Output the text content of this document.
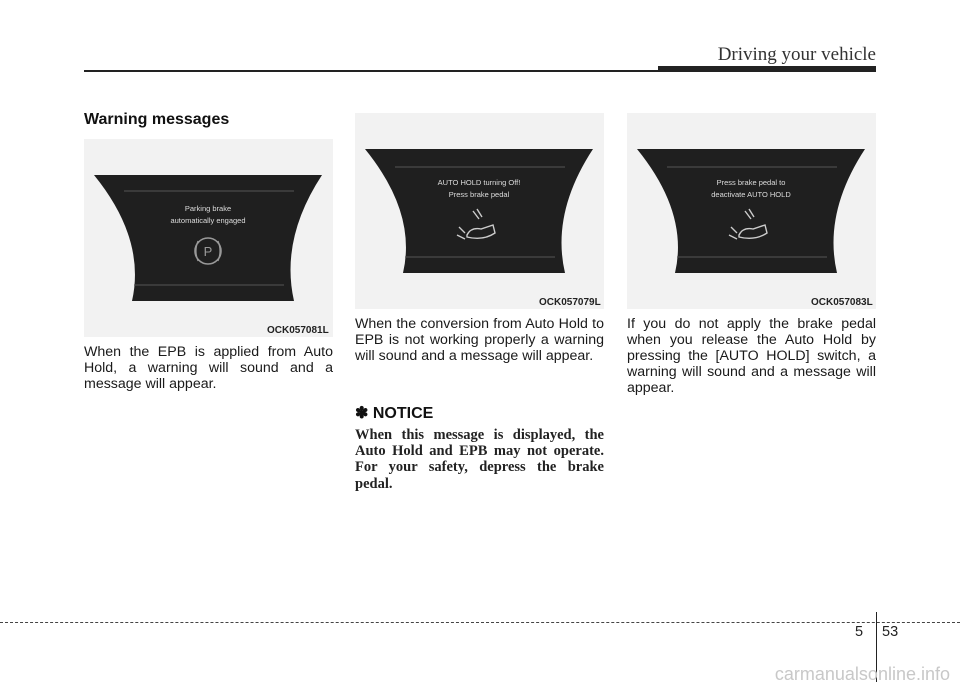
Driving your vehicle
Warning messages
Parking brake
automatically engaged
P
OCK057081L
AUTO HOLD turning Off!
Press brake pedal
OCK057079L
Press brake pedal to
deactivate AUTO HOLD
OCK057083L
When the EPB is applied from Auto Hold, a warning will sound and a message will appear.
When the conversion from Auto Hold to EPB is not working properly a warning will sound and a message will appear.
If you do not apply the brake pedal when you release the Auto Hold by pressing the [AUTO HOLD] switch, a warning will sound and a message will appear.
✽ NOTICE
When this message is displayed, the Auto Hold and EPB may not operate. For your safety, depress the brake pedal.
5 53
carmanualsonline.info
